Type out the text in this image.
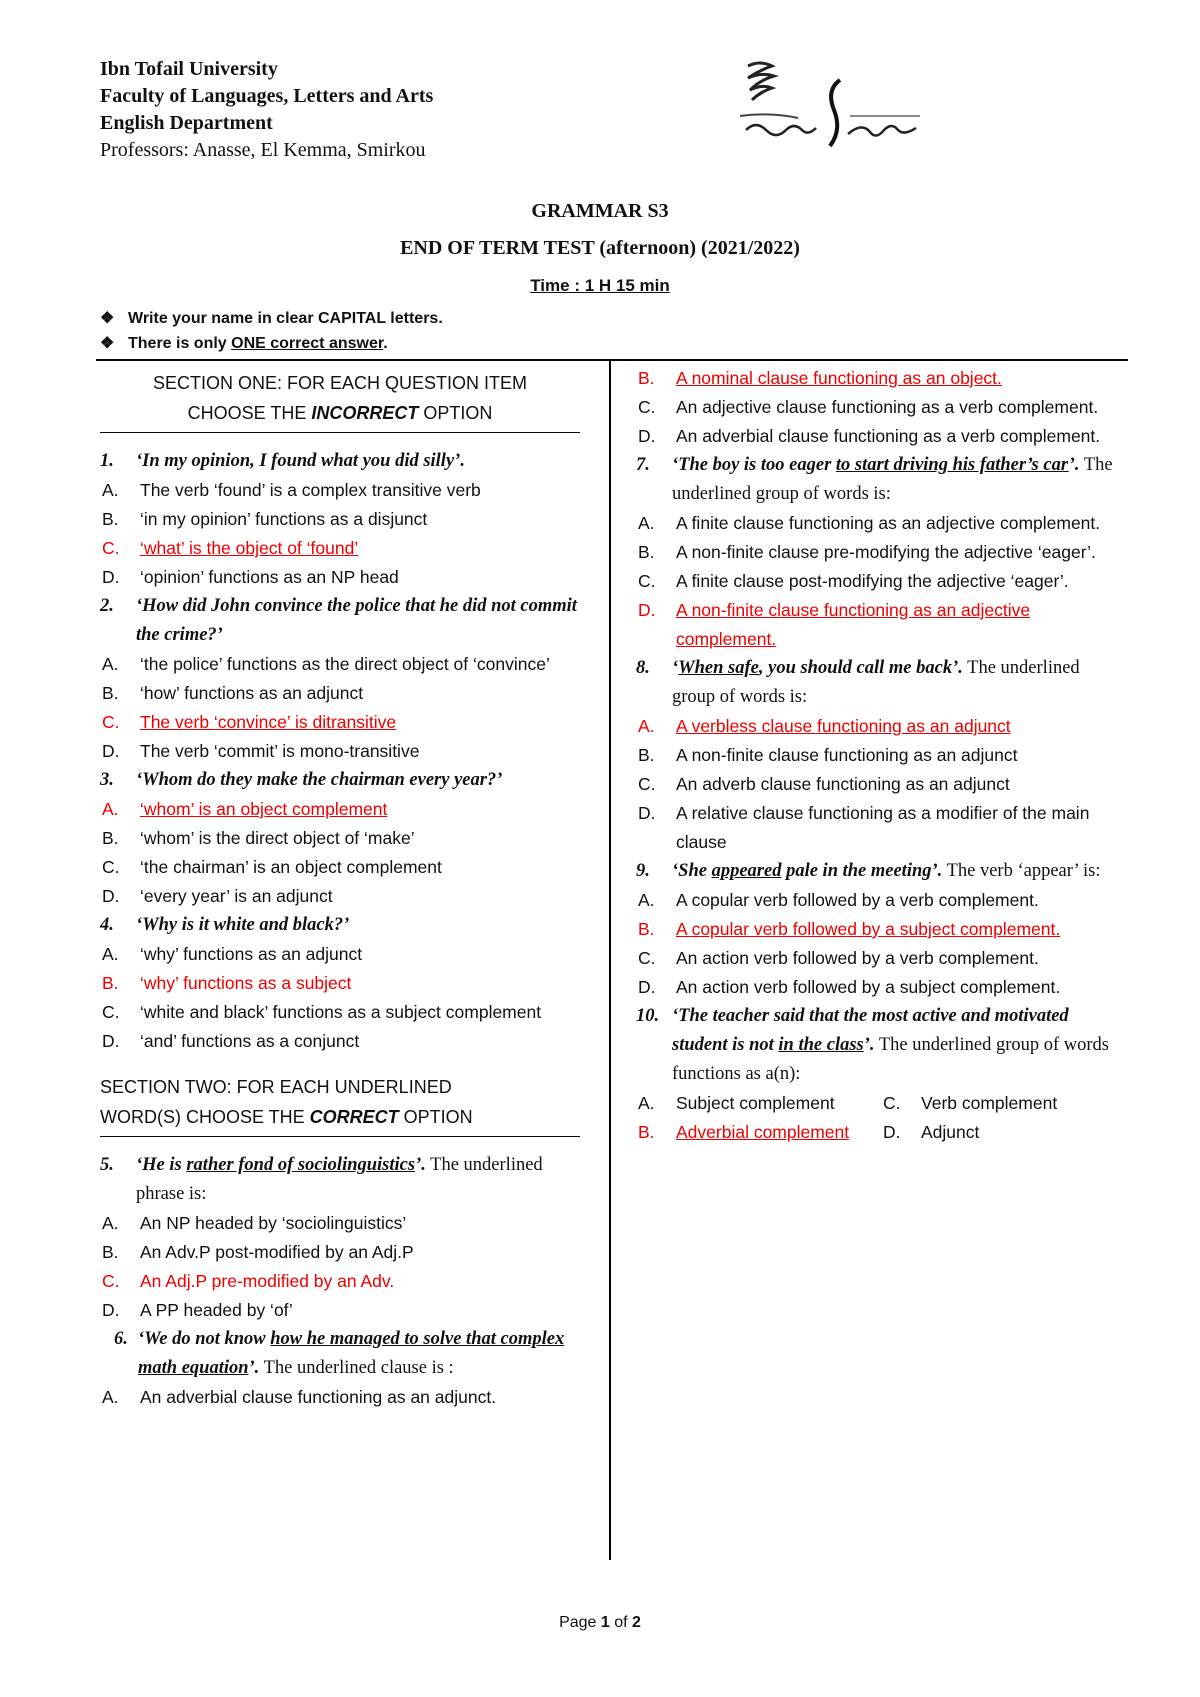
Ibn Tofail University
Faculty of Languages, Letters and Arts
English Department
Professors: Anasse, El Kemma, Smirkou
GRAMMAR S3
END OF TERM TEST (afternoon) (2021/2022)
Time : 1 H 15 min
❖ Write your name in clear CAPITAL letters.
❖ There is only ONE correct answer.
SECTION ONE: FOR EACH QUESTION ITEM
CHOOSE THE INCORRECT OPTION
1.	‘In my opinion, I found what you did silly’.
A.	The verb ‘found’ is a complex transitive verb
B.	‘in my opinion’ functions as a disjunct
C.	‘what’ is the object of ‘found’
D.	‘opinion’ functions as an NP head
2.	‘How did John convince the police that he did not commit the crime?’
A.	‘the police’ functions as the direct object of ‘convince’
B.	‘how’ functions as an adjunct
C.	The verb ‘convince’ is ditransitive
D.	The verb ‘commit’ is mono-transitive
3.	‘Whom do they make the chairman every year?’
A.	‘whom’ is an object complement
B.	‘whom’ is the direct object of ‘make’
C.	‘the chairman’ is an object complement
D.	‘every year’ is an adjunct
4.	‘Why is it white and black?’
A.	‘why’ functions as an adjunct
B.	‘why’ functions as a subject
C.	‘white and black’ functions as a subject complement
D.	‘and’ functions as a conjunct
SECTION TWO: FOR EACH UNDERLINED
WORD(S) CHOOSE THE CORRECT OPTION
5.	‘He is rather fond of sociolinguistics’. The underlined phrase is:
A.	An NP headed by ‘sociolinguistics’
B.	An Adv.P post-modified by an Adj.P
C.	An Adj.P pre-modified by an Adv.
D.	A PP headed by ‘of’
6. ‘We do not know how he managed to solve that complex math equation’. The underlined clause is :
A.	An adverbial clause functioning as an adjunct.
B.	A nominal clause functioning as an object.
C.	An adjective clause functioning as a verb complement.
D.	An adverbial clause functioning as a verb complement.
7.	‘The boy is too eager to start driving his father’s car’. The underlined group of words is:
A.	A finite clause functioning as an adjective complement.
B.	A non-finite clause pre-modifying the adjective ‘eager’.
C.	A finite clause post-modifying the adjective ‘eager’.
D.	A non-finite clause functioning as an adjective complement.
8.	‘When safe, you should call me back’. The underlined group of words is:
A.	A verbless clause functioning as an adjunct
B.	A non-finite clause functioning as an adjunct
C.	An adverb clause functioning as an adjunct
D.	A relative clause functioning as a modifier of the main clause
9.	‘She appeared pale in the meeting’. The verb ‘appear’ is:
A.	A copular verb followed by a verb complement.
B.	A copular verb followed by a subject complement.
C.	An action verb followed by a verb complement.
D.	An action verb followed by a subject complement.
10. ‘The teacher said that the most active and motivated student is not in the class’. The underlined group of words functions as a(n):
A.	Subject complement	C.	Verb complement
B.	Adverbial complement D.	Adjunct
Page 1 of 2
